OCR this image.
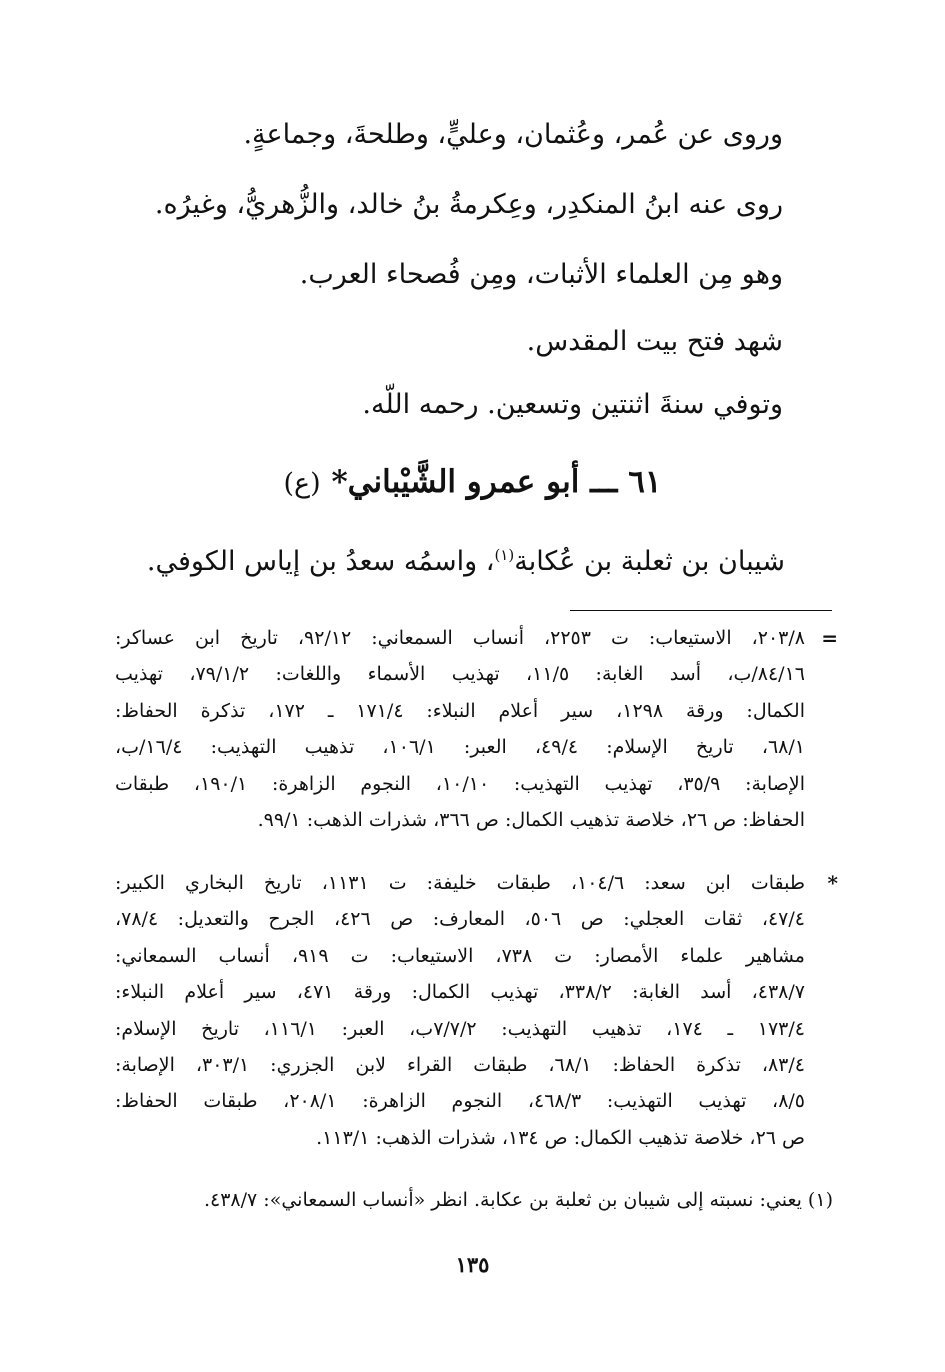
وروى عن عُمر، وعُثمان، وعليٍّ، وطلحةَ، وجماعةٍ.
روى عنه ابنُ المنكدِر، وعِكرمةُ بنُ خالد، والزُّهريُّ، وغيرُه.
وهو مِن العلماء الأثبات، ومِن فُصحاء العرب.
شهد فتح بيت المقدس.
وتوفي سنةَ اثنتين وتسعين. رحمه اللّه.
٦١ ـــ أبو عمرو الشَّيْباني* (ع)
شيبان بن ثعلبة بن عُكابة$^{(١)}$، واسمُه سعدُ بن إياس الكوفي.
=
٢٠٣/٨، الاستيعاب: ت ٢٢٥٣، أنساب السمعاني: ٩٢/١٢، تاريخ ابن عساكر:
٨٤/١٦/ب، أسد الغابة: ١١/٥، تهذيب الأسماء واللغات: ٧٩/١/٢، تهذيب
الكمال: ورقة ١٢٩٨، سير أعلام النبلاء: ١٧١/٤ ـ ١٧٢، تذكرة الحفاظ:
٦٨/١، تاريخ الإسلام: ٤٩/٤، العبر: ١٠٦/١، تذهيب التهذيب: ١٦/٤/ب،
الإصابة: ٣٥/٩، تهذيب التهذيب: ١٠/١٠، النجوم الزاهرة: ١٩٠/١، طبقات
الحفاظ: ص ٢٦، خلاصة تذهيب الكمال: ص ٣٦٦، شذرات الذهب: ٩٩/١.
*
طبقات ابن سعد: ١٠٤/٦، طبقات خليفة: ت ١١٣١، تاريخ البخاري الكبير:
٤٧/٤، ثقات العجلي: ص ٥٠٦، المعارف: ص ٤٢٦، الجرح والتعديل: ٧٨/٤،
مشاهير علماء الأمصار: ت ٧٣٨، الاستيعاب: ت ٩١٩، أنساب السمعاني:
٤٣٨/٧، أسد الغابة: ٣٣٨/٢، تهذيب الكمال: ورقة ٤٧١، سير أعلام النبلاء:
١٧٣/٤ ـ ١٧٤، تذهيب التهذيب: ٧/٧/٢ب، العبر: ١١٦/١، تاريخ الإسلام:
٨٣/٤، تذكرة الحفاظ: ٦٨/١، طبقات القراء لابن الجزري: ٣٠٣/١، الإصابة:
٨/٥، تهذيب التهذيب: ٤٦٨/٣، النجوم الزاهرة: ٢٠٨/١، طبقات الحفاظ:
ص ٢٦، خلاصة تذهيب الكمال: ص ١٣٤، شذرات الذهب: ١١٣/١.
(١) يعني: نسبته إلى شيبان بن ثعلبة بن عكابة. انظر «أنساب السمعاني»: ٤٣٨/٧.
١٣٥
